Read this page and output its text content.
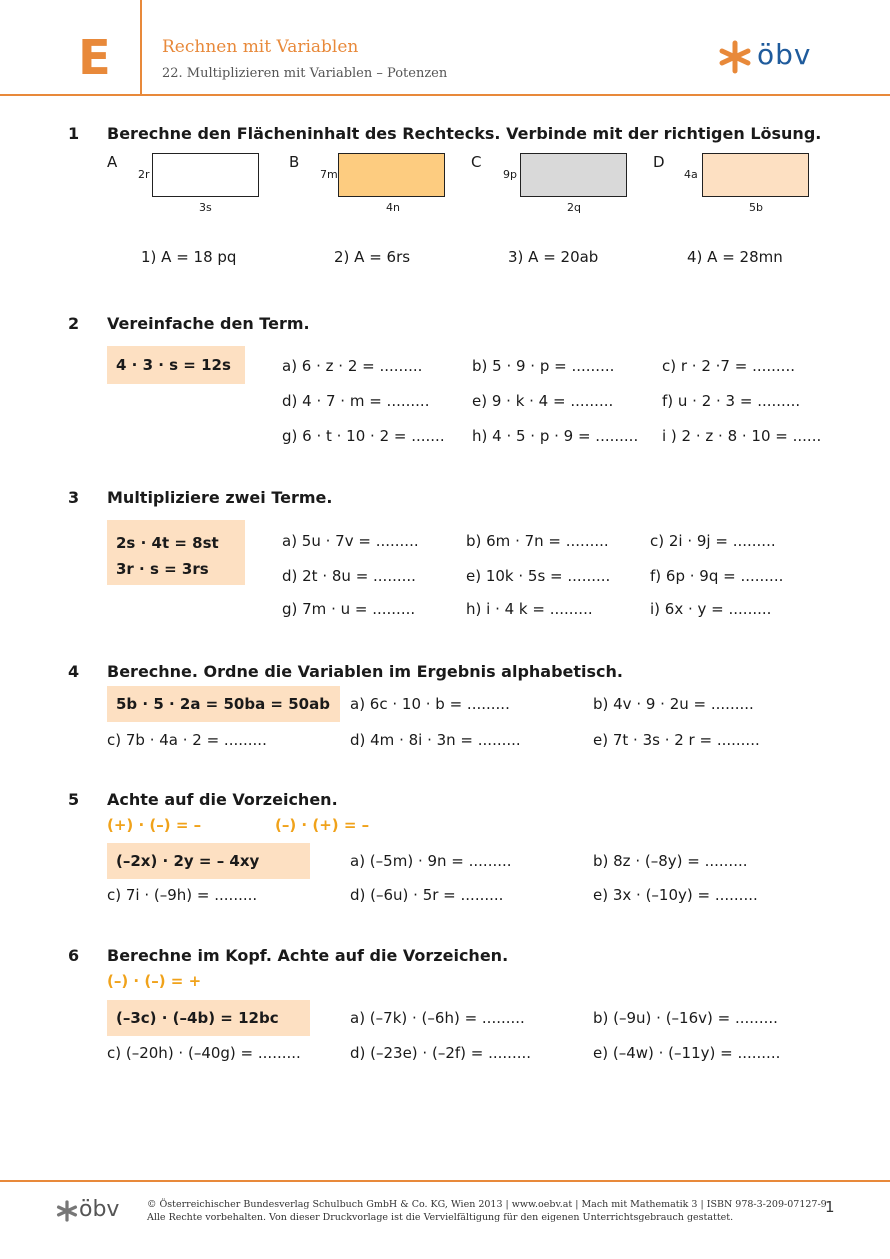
E	Rechnen mit Variablen
22. Multiplizieren mit Variablen – Potenzen
öbv
1 Berechne den Flächeninhalt des Rechtecks. Verbinde mit der richtigen Lösung.
A
2r
3s
B
7m
4n
C
9p
2q
D
4a
5b
1) A = 18 pq	2) A = 6rs	3) A = 20ab	4) A = 28mn
2 Vereinfache den Term.
4 · 3 · s = 12s	a) 6 · z · 2 = .........	b) 5 · 9 · p = .........	c) r · 2 ·7 = .........
d) 4 · 7 · m = .........	e) 9 · k · 4 = .........	f) u · 2 · 3 = .........
g) 6 · t · 10 · 2 = ....... h) 4 · 5 · p · 9 = ......... i ) 2 · z · 8 · 10 = ......
3 Multipliziere zwei Terme.
2s · 4t = 8st
3r · s = 3rs
a) 5u · 7v = .........	b) 6m · 7n = .........	c) 2i · 9j = .........
d) 2t · 8u = .........	e) 10k · 5s = .........	f) 6p · 9q = .........
g) 7m · u = .........	h) i · 4 k = .........	i) 6x · y = .........
4 Berechne. Ordne die Variablen im Ergebnis alphabetisch.
5b · 5 · 2a = 50ba = 50ab	a) 6c · 10 · b = .........	b) 4v · 9 · 2u = .........
c) 7b · 4a · 2 = .........	d) 4m · 8i · 3n = .........	e) 7t · 3s · 2 r = .........
5 Achte auf die Vorzeichen.
(+) · (–) = –	(–) · (+) = –
(–2x) · 2y = – 4xy	a) (–5m) · 9n = .........	b) 8z · (–8y) = .........
c) 7i · (–9h) = .........	d) (–6u) · 5r = .........	e) 3x · (–10y) = .........
6 Berechne im Kopf. Achte auf die Vorzeichen.
(–) · (–) = +
(–3c) · (–4b) = 12bc	a) (–7k) · (–6h) = .........	b) (–9u) · (–16v) = .........
c) (–20h) · (–40g) = .........	d) (–23e) · (–2f) = .........	e) (–4w) · (–11y) = .........
öbv	© Österreichischer Bundesverlag Schulbuch GmbH & Co. KG, Wien 2013 | www.oebv.at | Mach mit Mathematik 3 | ISBN 978-3-209-07127-9
Alle Rechte vorbehalten. Von dieser Druckvorlage ist die Vervielfältigung für den eigenen Unterrichtsgebrauch gestattet.
1
